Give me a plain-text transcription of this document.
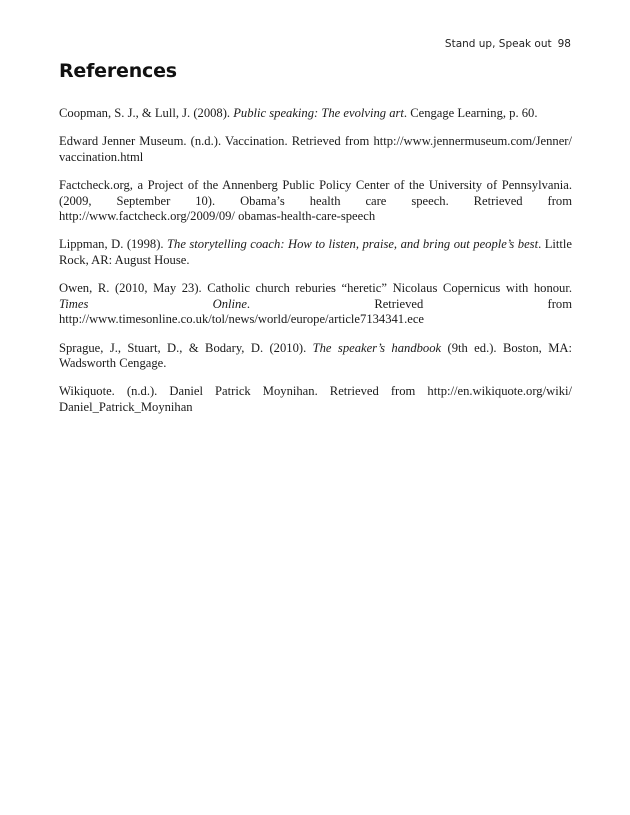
Stand up, Speak out 98
References

Coopman, S. J., & Lull, J. (2008). Public speaking: The evolving art. Cengage Learning, p. 60.

Edward Jenner Museum. (n.d.). Vaccination. Retrieved from http://www.jennermuseum.com/Jenner/ vaccination.html

Factcheck.org, a Project of the Annenberg Public Policy Center of the University of Pennsylvania. (2009, September 10). Obama’s health care speech. Retrieved from http://www.factcheck.org/2009/09/ obamas-health-care-speech

Lippman, D. (1998). The storytelling coach: How to listen, praise, and bring out people’s best. Little Rock, AR: August House.

Owen, R. (2010, May 23). Catholic church reburies “heretic” Nicolaus Copernicus with honour. Times Online. Retrieved from http://www.timesonline.co.uk/tol/news/world/europe/article7134341.ece

Sprague, J., Stuart, D., & Bodary, D. (2010). The speaker’s handbook (9th ed.). Boston, MA: Wadsworth Cengage.

Wikiquote. (n.d.). Daniel Patrick Moynihan. Retrieved from http://en.wikiquote.org/wiki/ Daniel_Patrick_Moynihan
